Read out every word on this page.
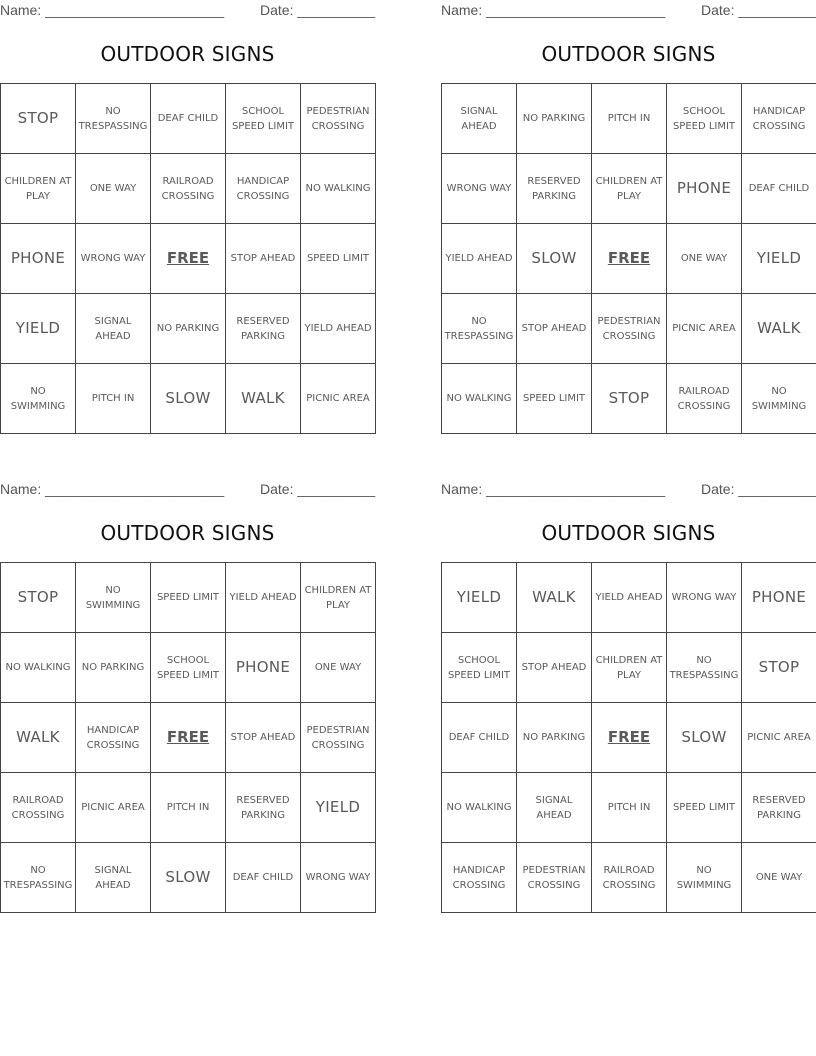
Name: _______________________	Date: __________
OUTDOOR SIGNS
STOP	NO TRESPASSING	DEAF CHILD	SCHOOL SPEED LIMIT	PEDESTRIAN CROSSING
CHILDREN AT PLAY	ONE WAY	RAILROAD CROSSING	HANDICAP CROSSING	NO WALKING
PHONE	WRONG WAY	FREE	STOP AHEAD	SPEED LIMIT
YIELD	SIGNAL AHEAD	NO PARKING	RESERVED PARKING	YIELD AHEAD
NO SWIMMING	PITCH IN	SLOW	WALK	PICNIC AREA
Name: _______________________	Date: __________
OUTDOOR SIGNS
SIGNAL AHEAD	NO PARKING	PITCH IN	SCHOOL SPEED LIMIT	HANDICAP CROSSING
WRONG WAY	RESERVED PARKING	CHILDREN AT PLAY	PHONE	DEAF CHILD
YIELD AHEAD	SLOW	FREE	ONE WAY	YIELD
NO TRESPASSING	STOP AHEAD	PEDESTRIAN CROSSING	PICNIC AREA	WALK
NO WALKING	SPEED LIMIT	STOP	RAILROAD CROSSING	NO SWIMMING
Name: _______________________	Date: __________
OUTDOOR SIGNS
STOP	NO SWIMMING	SPEED LIMIT	YIELD AHEAD	CHILDREN AT PLAY
NO WALKING	NO PARKING	SCHOOL SPEED LIMIT	PHONE	ONE WAY
WALK	HANDICAP CROSSING	FREE	STOP AHEAD	PEDESTRIAN CROSSING
RAILROAD CROSSING	PICNIC AREA	PITCH IN	RESERVED PARKING	YIELD
NO TRESPASSING	SIGNAL AHEAD	SLOW	DEAF CHILD	WRONG WAY
Name: _______________________	Date: __________
OUTDOOR SIGNS
YIELD	WALK	YIELD AHEAD	WRONG WAY	PHONE
SCHOOL SPEED LIMIT	STOP AHEAD	CHILDREN AT PLAY	NO TRESPASSING	STOP
DEAF CHILD	NO PARKING	FREE	SLOW	PICNIC AREA
NO WALKING	SIGNAL AHEAD	PITCH IN	SPEED LIMIT	RESERVED PARKING
HANDICAP CROSSING	PEDESTRIAN CROSSING	RAILROAD CROSSING	NO SWIMMING	ONE WAY
